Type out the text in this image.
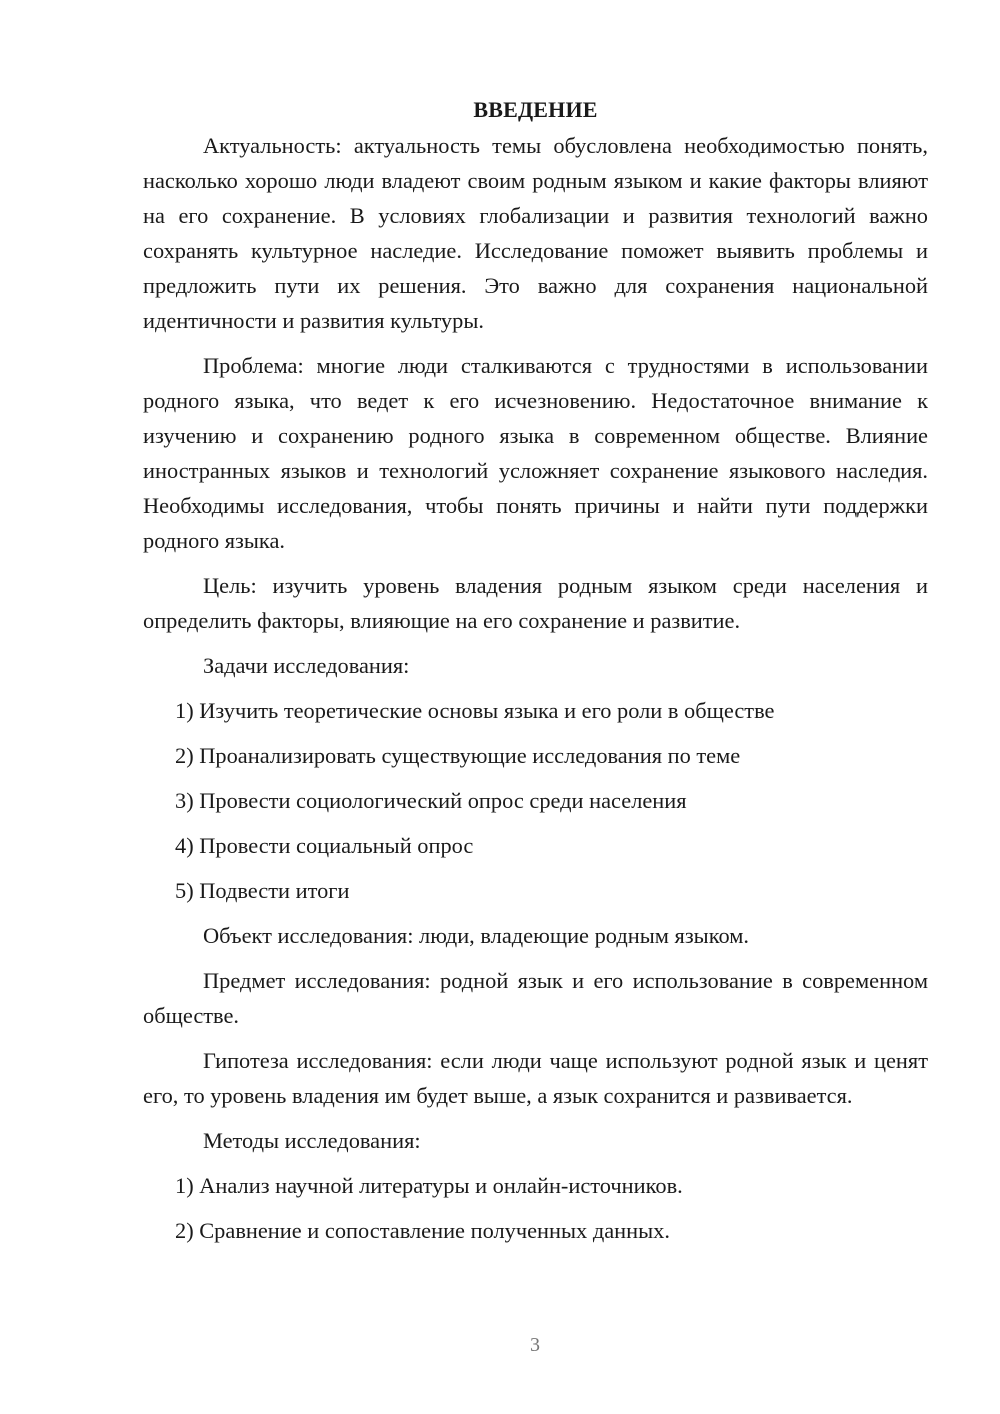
ВВЕДЕНИЕ

Актуальность: актуальность темы обусловлена необходимостью понять, насколько хорошо люди владеют своим родным языком и какие факторы влияют на его сохранение. В условиях глобализации и развития технологий важно сохранять культурное наследие. Исследование поможет выявить проблемы и предложить пути их решения. Это важно для сохранения национальной идентичности и развития культуры.

Проблема: многие люди сталкиваются с трудностями в использовании родного языка, что ведет к его исчезновению. Недостаточное внимание к изучению и сохранению родного языка в современном обществе. Влияние иностранных языков и технологий усложняет сохранение языкового наследия. Необходимы исследования, чтобы понять причины и найти пути поддержки родного языка.

Цель: изучить уровень владения родным языком среди населения и определить факторы, влияющие на его сохранение и развитие.

Задачи исследования:

1) Изучить теоретические основы языка и его роли в обществе
2) Проанализировать существующие исследования по теме
3) Провести социологический опрос среди населения
4) Провести социальный опрос
5) Подвести итоги

Объект исследования: люди, владеющие родным языком.

Предмет исследования: родной язык и его использование в современном обществе.

Гипотеза исследования: если люди чаще используют родной язык и ценят его, то уровень владения им будет выше, а язык сохранится и развивается.

Методы исследования:

1) Анализ научной литературы и онлайн-источников.
2) Сравнение и сопоставление полученных данных.
3
